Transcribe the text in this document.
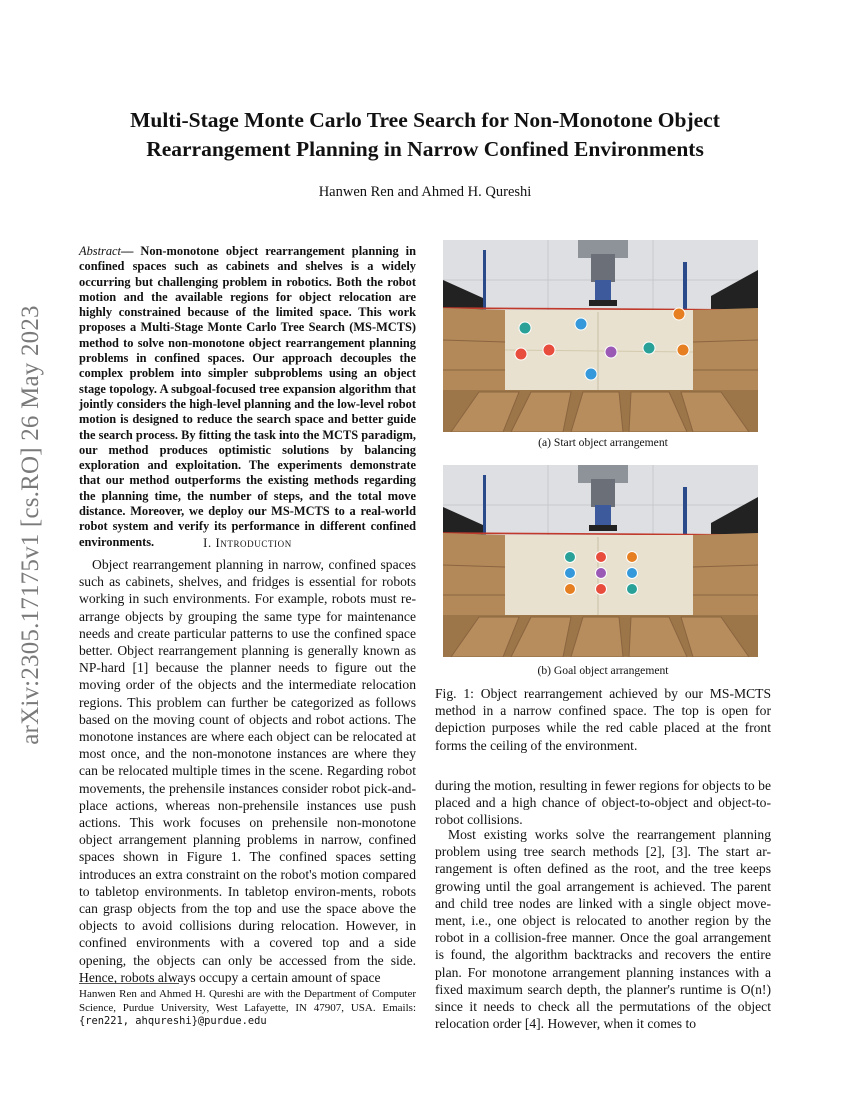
arXiv:2305.17175v1 [cs.RO] 26 May 2023
Multi-Stage Monte Carlo Tree Search for Non-Monotone Object
Rearrangement Planning in Narrow Confined Environments
Hanwen Ren and Ahmed H. Qureshi
Abstract— Non-monotone object rearrangement planning in confined spaces such as cabinets and shelves is a widely occurring but challenging problem in robotics. Both the robot motion and the available regions for object relocation are highly constrained because of the limited space. This work proposes a Multi-Stage Monte Carlo Tree Search (MS-MCTS) method to solve non-monotone object rearrangement planning problems in confined spaces. Our approach decouples the complex problem into simpler subproblems using an object stage topology. A subgoal-focused tree expansion algorithm that jointly considers the high-level planning and the low-level robot motion is designed to reduce the search space and better guide the search process. By fitting the task into the MCTS paradigm, our method produces optimistic solutions by balancing exploration and exploitation. The experiments demonstrate that our method outperforms the existing methods regarding the planning time, the number of steps, and the total move distance. Moreover, we deploy our MS-MCTS to a real-world robot system and verify its performance in different confined environments.	I. Introduction

Object rearrangement planning in narrow, confined spaces such as cabinets, shelves, and fridges is essential for robots working in such environments. For example, robots must re-arrange objects by grouping the same type for maintenance needs and create particular patterns to use the confined space better. Object rearrangement planning is generally known as NP-hard [1] because the planner needs to figure out the moving order of the objects and the intermediate relocation regions. This problem can further be categorized as follows based on the moving count of objects and robot actions. The monotone instances are where each object can be relocated at most once, and the non-monotone instances are where they can be relocated multiple times in the scene. Regarding robot movements, the prehensile instances consider robot pick-and-place actions, whereas non-prehensile instances use push actions. This work focuses on prehensile non-monotone object arrangement planning problems in narrow, confined spaces shown in Figure 1. The confined spaces setting introduces an extra constraint on the robot's motion compared to tabletop environments. In tabletop environ-ments, robots can grasp objects from the top and use the space above the objects to avoid collisions during relocation. However, in confined environments with a covered top and a side opening, the objects can only be accessed from the side. Hence, robots always occupy a certain amount of space

Hanwen Ren and Ahmed H. Qureshi are with the Department of Computer Science, Purdue University, West Lafayette, IN 47907, USA. Emails: {ren221, ahqureshi}@purdue.edu
(a) Start object arrangement
(b) Goal object arrangement
Fig. 1: Object rearrangement achieved by our MS-MCTS method in a narrow confined space. The top is open for depiction purposes while the red cable placed at the front forms the ceiling of the environment.

during the motion, resulting in fewer regions for objects to be placed and a high chance of object-to-object and object-to-robot collisions.

Most existing works solve the rearrangement planning problem using tree search methods [2], [3]. The start ar-rangement is often defined as the root, and the tree keeps growing until the goal arrangement is achieved. The parent and child tree nodes are linked with a single object move-ment, i.e., one object is relocated to another region by the robot in a collision-free manner. Once the goal arrangement is found, the algorithm backtracks and recovers the entire plan. For monotone arrangement planning instances with a fixed maximum search depth, the planner's runtime is O(n!) since it needs to check all the permutations of the object relocation order [4]. However, when it comes to
